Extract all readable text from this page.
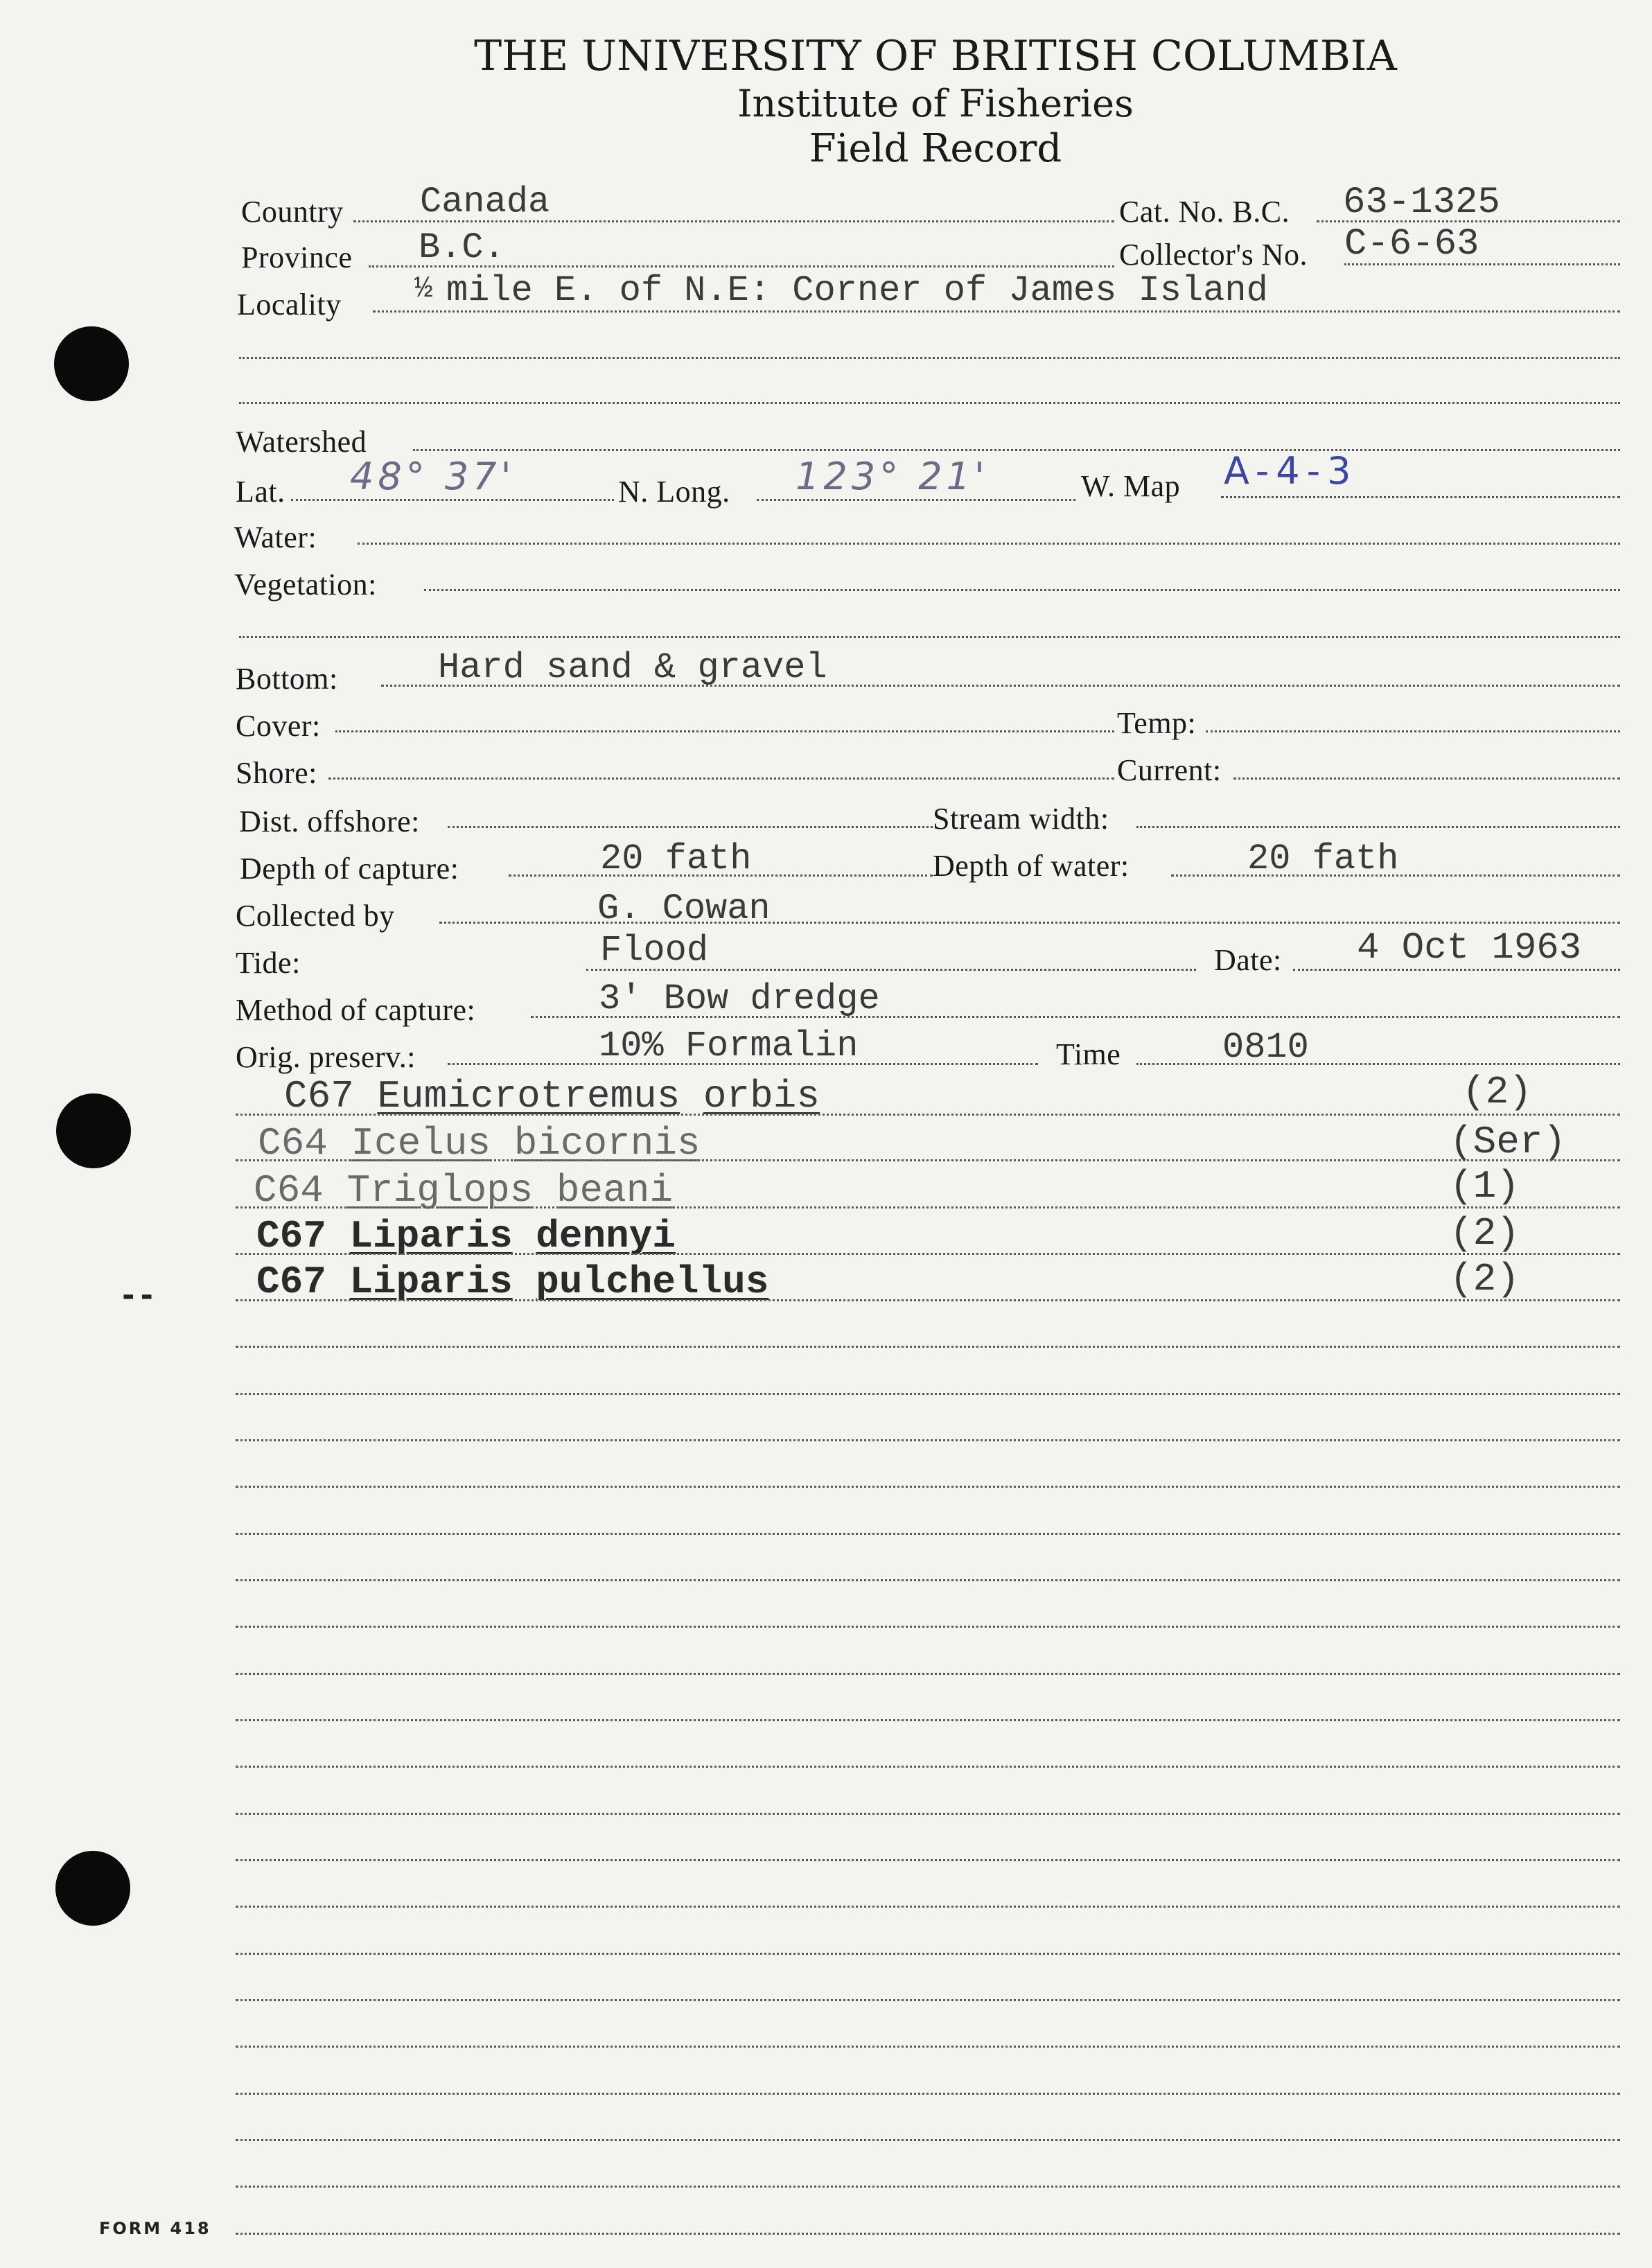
--
THE UNIVERSITY OF BRITISH COLUMBIA
Institute of Fisheries
Field Record
Country Canada	Cat. No. B.C. 63-1325
Province B.C.	Collector's No. C-6-63
Locality ½ mile E. of N.E: Corner of James Island
Watershed
Lat. 48° 37'	N. Long. 123° 21'	W. Map A-4-3
Water:
Vegetation:
Bottom:	Hard sand & gravel
Cover:	Temp:
Shore:	Current:
Dist. offshore:	Stream width:
Depth of capture:	20 fath	Depth of water:	20 fath
Collected by	G. Cowan
Tide:	Flood	Date: 4 Oct 1963
Method of capture:	3' Bow dredge
Orig. preserv.:	10% Formalin	Time	0810
C67 Eumicrotremus orbis	(2)
C64 Icelus bicornis	(Ser)
C64 Triglops beani	(1)
C67 Liparis dennyi	(2)
C67 Liparis pulchellus	(2)
FORM 418
